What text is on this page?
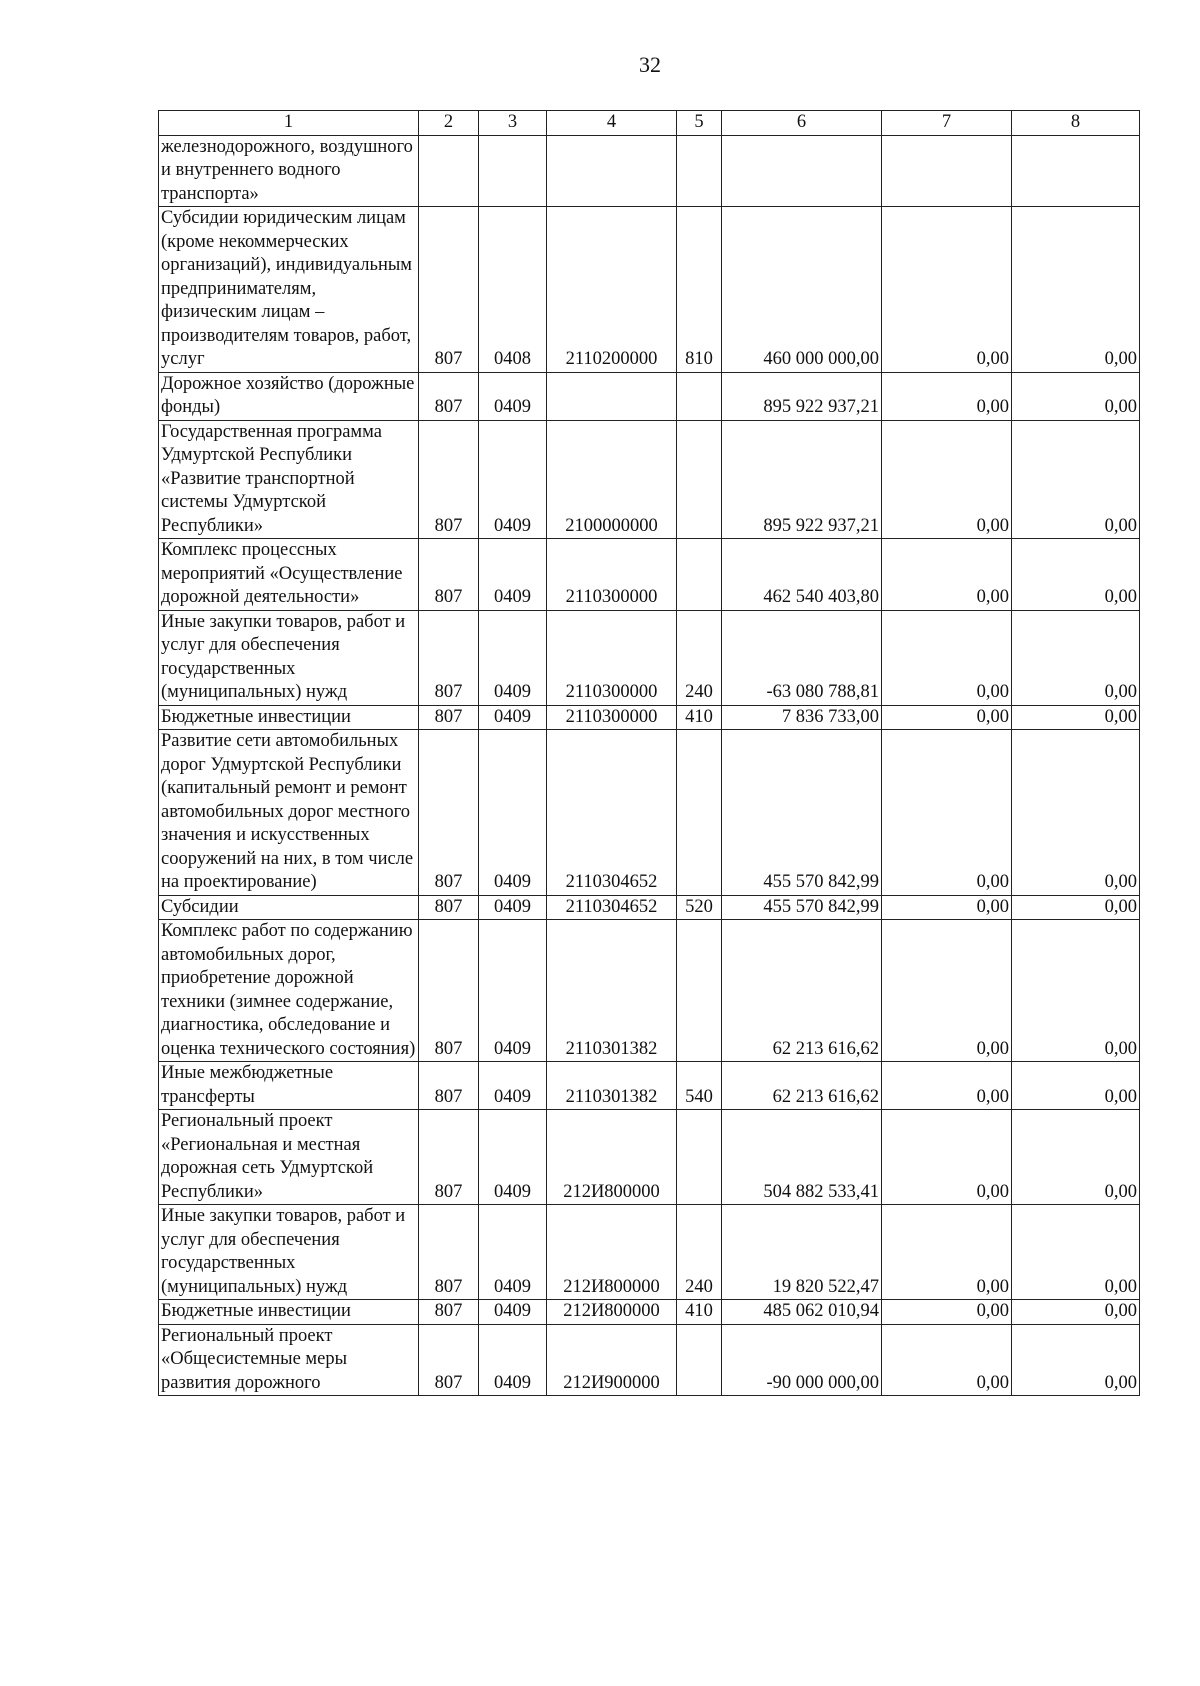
32
1	2	3	4	5	6	7	8
железнодорожного, воздушного и внутреннего водного транспорта»							
Субсидии юридическим лицам (кроме некоммерческих организаций), индивидуальным предпринимателям, физическим лицам – производителям товаров, работ, услуг	807	0408	2110200000	810	460 000 000,00	0,00	0,00
Дорожное хозяйство (дорожные фонды)	807	0409			895 922 937,21	0,00	0,00
Государственная программа Удмуртской Республики «Развитие транспортной системы Удмуртской Республики»	807	0409	2100000000		895 922 937,21	0,00	0,00
Комплекс процессных мероприятий «Осуществление дорожной деятельности»	807	0409	2110300000		462 540 403,80	0,00	0,00
Иные закупки товаров, работ и услуг для обеспечения государственных (муниципальных) нужд	807	0409	2110300000	240	-63 080 788,81	0,00	0,00
Бюджетные инвестиции	807	0409	2110300000	410	7 836 733,00	0,00	0,00
Развитие сети автомобильных дорог Удмуртской Республики (капитальный ремонт и ремонт автомобильных дорог местного значения и искусственных сооружений на них, в том числе на проектирование)	807	0409	2110304652		455 570 842,99	0,00	0,00
Субсидии	807	0409	2110304652	520	455 570 842,99	0,00	0,00
Комплекс работ по содержанию автомобильных дорог, приобретение дорожной техники (зимнее содержание, диагностика, обследование и оценка технического состояния)	807	0409	2110301382		62 213 616,62	0,00	0,00
Иные межбюджетные трансферты	807	0409	2110301382	540	62 213 616,62	0,00	0,00
Региональный проект «Региональная и местная дорожная сеть Удмуртской Республики»	807	0409	212И800000		504 882 533,41	0,00	0,00
Иные закупки товаров, работ и услуг для обеспечения государственных (муниципальных) нужд	807	0409	212И800000	240	19 820 522,47	0,00	0,00
Бюджетные инвестиции	807	0409	212И800000	410	485 062 010,94	0,00	0,00
Региональный проект «Общесистемные меры развития дорожного	807	0409	212И900000		-90 000 000,00	0,00	0,00
